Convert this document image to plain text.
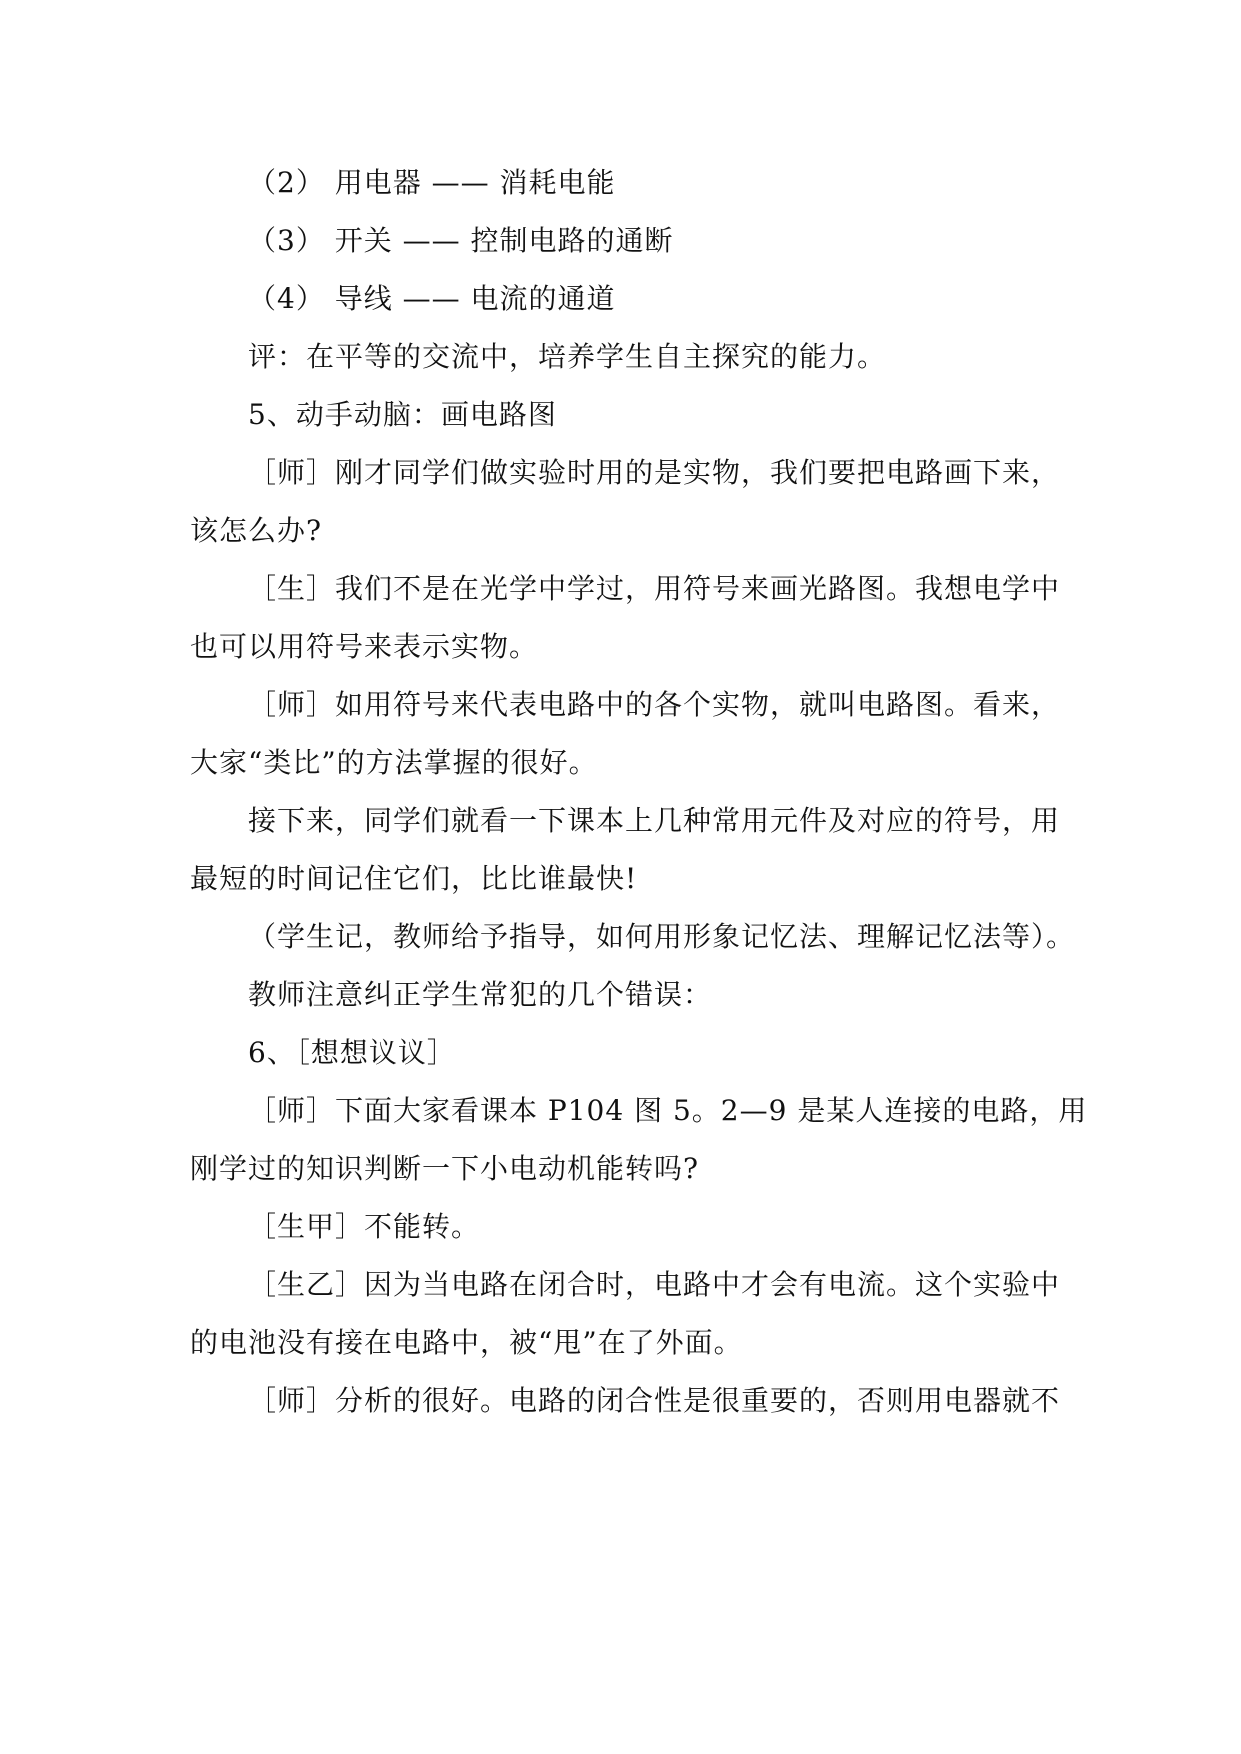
（2） 用电器 —— 消耗电能
（3） 开关 —— 控制电路的通断
（4） 导线 —— 电流的通道
评：在平等的交流中，培养学生自主探究的能力。
5、动手动脑：画电路图
［师］刚才同学们做实验时用的是实物，我们要把电路画下来，
该怎么办?
［生］我们不是在光学中学过，用符号来画光路图。我想电学中
也可以用符号来表示实物。
［师］如用符号来代表电路中的各个实物，就叫电路图。看来，
大家“类比”的方法掌握的很好。
接下来，同学们就看一下课本上几种常用元件及对应的符号，用
最短的时间记住它们，比比谁最快!
（学生记，教师给予指导，如何用形象记忆法、理解记忆法等）。
教师注意纠正学生常犯的几个错误：
6、［想想议议］
［师］下面大家看课本 P104 图 5。2—9 是某人连接的电路，用
刚学过的知识判断一下小电动机能转吗?
［生甲］不能转。
［生乙］因为当电路在闭合时，电路中才会有电流。这个实验中
的电池没有接在电路中，被“甩”在了外面。
［师］分析的很好。电路的闭合性是很重要的，否则用电器就不
